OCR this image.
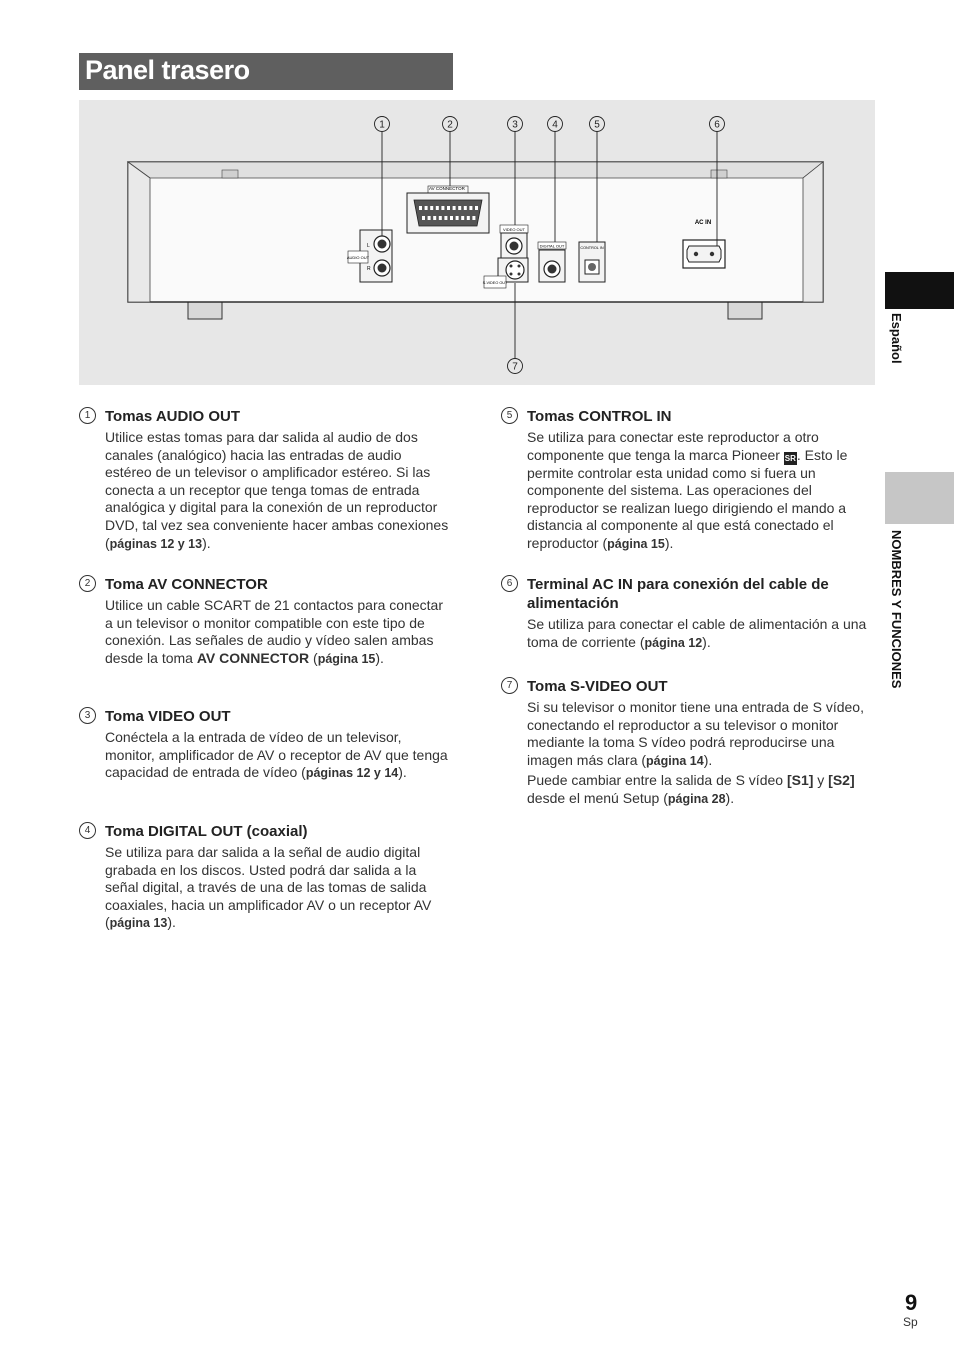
Panel trasero
AV CONNECTOR
L
R
AUDIO OUT
VIDEO OUT
S-VIDEO OUT
DIGITAL OUT	CONTROL IN
AC IN
1	2	3	4	5	6
7
1 Tomas AUDIO OUT

Utilice estas tomas para dar salida al audio de dos canales (analógico) hacia las entradas de audio estéreo de un televisor o amplificador estéreo. Si las conecta a un receptor que tenga tomas de entrada analógica y digital para la conexión de un reproductor DVD, tal vez sea conveniente hacer ambas conexiones (páginas 12 y 13).

2 Toma AV CONNECTOR

Utilice un cable SCART de 21 contactos para conectar a un televisor o monitor compatible con este tipo de conexión. Las señales de audio y vídeo salen ambas desde la toma AV CONNECTOR (página 15).

3 Toma VIDEO OUT

Conéctela a la entrada de vídeo de un televisor, monitor, amplificador de AV o receptor de AV que tenga capacidad de entrada de vídeo (páginas 12 y 14).

4 Toma DIGITAL OUT (coaxial)

Se utiliza para dar salida a la señal de audio digital grabada en los discos. Usted podrá dar salida a la señal digital, a través de una de las tomas de salida coaxiales, hacia un amplificador AV o un receptor AV (página 13).

5 Tomas CONTROL IN

Se utiliza para conectar este reproductor a otro componente que tenga la marca Pioneer SR. Esto le permite controlar esta unidad como si fuera un componente del sistema. Las operaciones del reproductor se realizan luego dirigiendo el mando a distancia al componente al que está conectado el reproductor (página 15).

6 Terminal AC IN para conexión del cable de alimentación

Se utiliza para conectar el cable de alimentación a una toma de corriente (página 12).

7 Toma S-VIDEO OUT

Si su televisor o monitor tiene una entrada de S vídeo, conectando el reproductor a su televisor o monitor mediante la toma S vídeo podrá reproducirse una imagen más clara (página 14).

Puede cambiar entre la salida de S vídeo [S1] y [S2] desde el menú Setup (página 28).

Español
NOMBRES Y FUNCIONES
9
Sp
